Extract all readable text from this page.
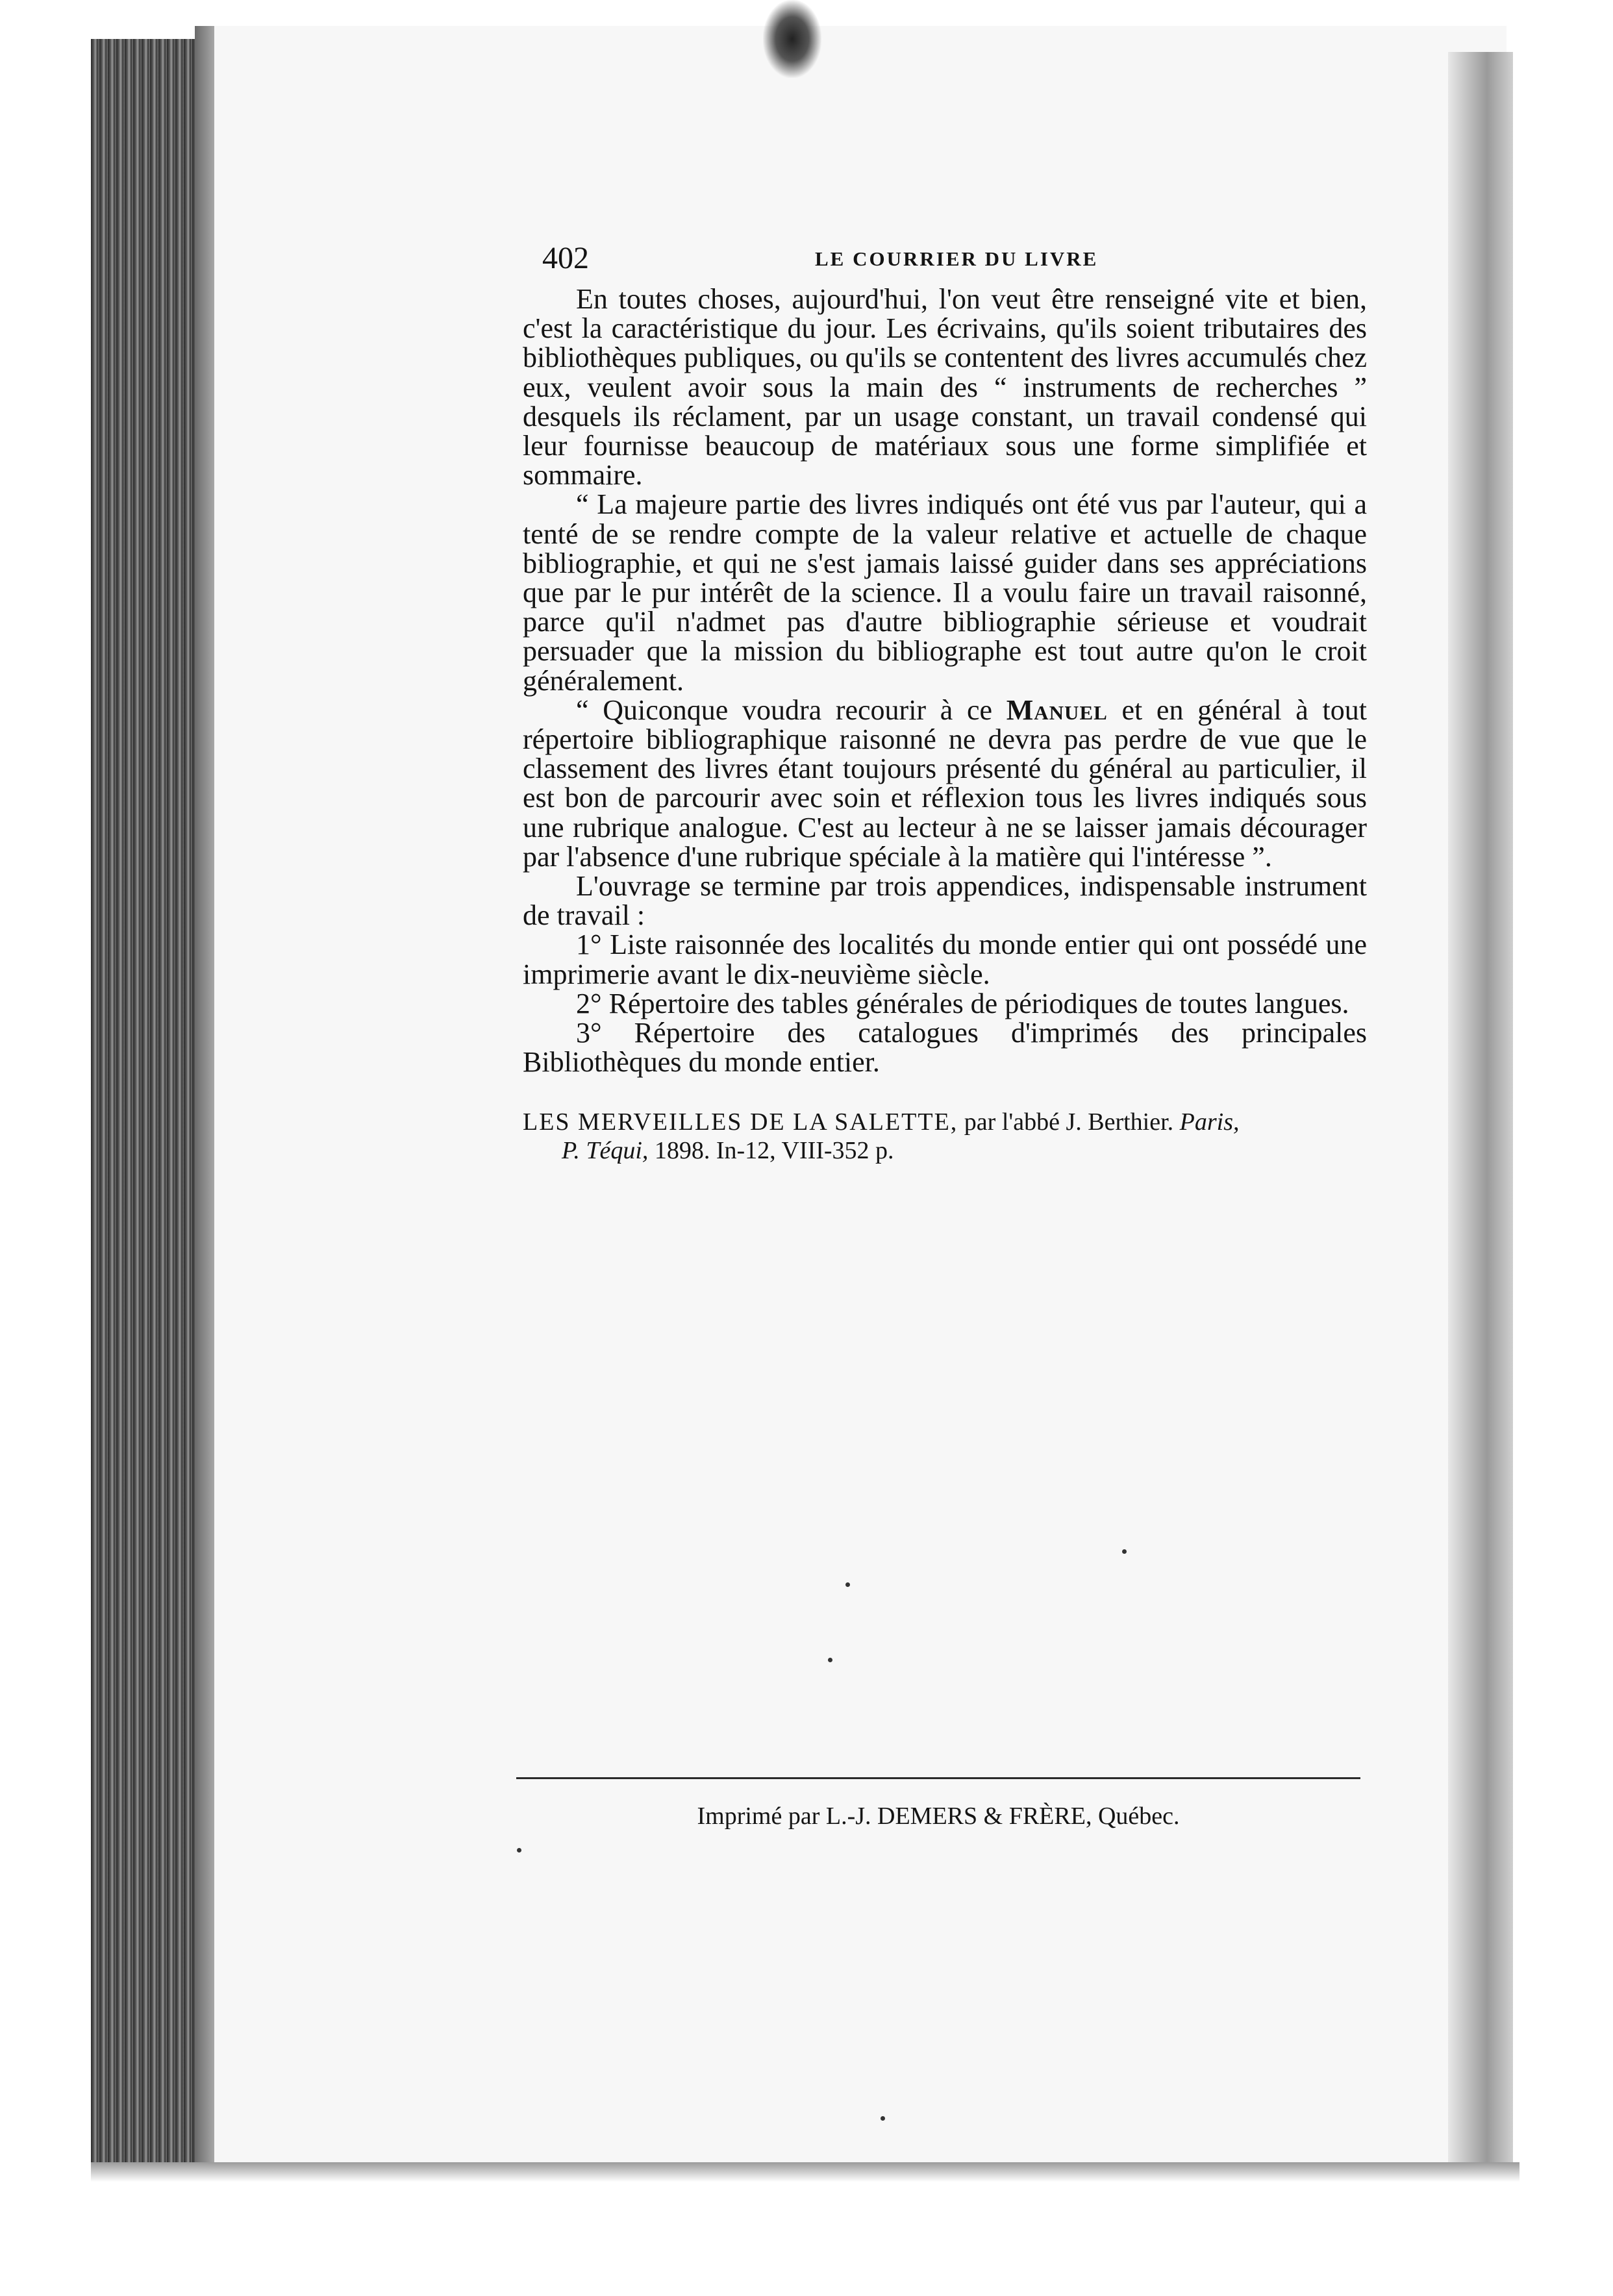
402	LE COURRIER DU LIVRE

En toutes choses, aujourd'hui, l'on veut être renseigné vite et bien, c'est la caractéristique du jour. Les écrivains, qu'ils soient tributaires des bibliothèques publiques, ou qu'ils se contentent des livres accumulés chez eux, veulent avoir sous la main des “ instruments de recherches ” desquels ils réclament, par un usage constant, un travail condensé qui leur fournisse beaucoup de matériaux sous une forme simplifiée et sommaire.

“ La majeure partie des livres indiqués ont été vus par l'auteur, qui a tenté de se rendre compte de la valeur relative et actuelle de chaque bibliographie, et qui ne s'est jamais laissé guider dans ses appréciations que par le pur intérêt de la science. Il a voulu faire un travail raisonné, parce qu'il n'admet pas d'autre bibliographie sérieuse et voudrait persuader que la mission du bibliographe est tout autre qu'on le croit généralement.

“ Quiconque voudra recourir à ce Manuel et en général à tout répertoire bibliographique raisonné ne devra pas perdre de vue que le classement des livres étant toujours présenté du général au particulier, il est bon de parcourir avec soin et réflexion tous les livres indiqués sous une rubrique analogue. C'est au lecteur à ne se laisser jamais décourager par l'absence d'une rubrique spéciale à la matière qui l'intéresse ”.

L'ouvrage se termine par trois appendices, indispensable instrument de travail :

1° Liste raisonnée des localités du monde entier qui ont possédé une imprimerie avant le dix-neuvième siècle.

2° Répertoire des tables générales de périodiques de toutes langues.

3° Répertoire des catalogues d'imprimés des principales Bibliothèques du monde entier.

LES MERVEILLES DE LA SALETTE, par l'abbé J. Berthier. Paris,
P. Téqui, 1898. In-12, VIII-352 p.
Imprimé par L.-J. DEMERS & FRÈRE, Québec.
